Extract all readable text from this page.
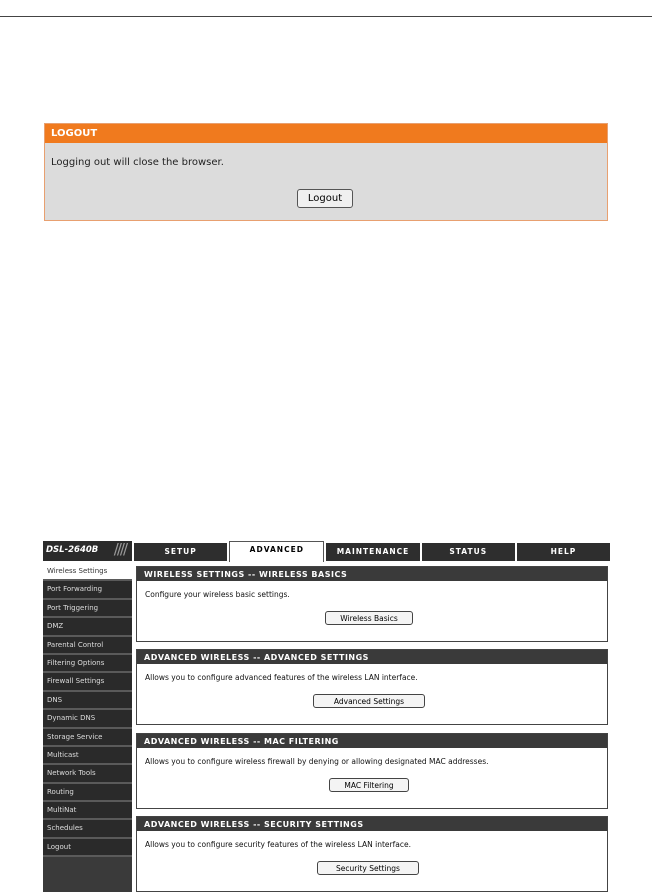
LOGOUT
Logging out will close the browser.
Logout
DSL-2640B ////	SETUP	ADVANCED	MAINTENANCE	STATUS	HELP
Wireless Settings
Port Forwarding
Port Triggering
DMZ
Parental Control
Filtering Options
Firewall Settings
DNS
Dynamic DNS
Storage Service
Multicast
Network Tools
Routing
MultiNat
Schedules
Logout
WIRELESS SETTINGS -- WIRELESS BASICS
Configure your wireless basic settings.
Wireless Basics
ADVANCED WIRELESS -- ADVANCED SETTINGS
Allows you to configure advanced features of the wireless LAN interface.
Advanced Settings
ADVANCED WIRELESS -- MAC FILTERING
Allows you to configure wireless firewall by denying or allowing designated MAC addresses.
MAC Filtering
ADVANCED WIRELESS -- SECURITY SETTINGS
Allows you to configure security features of the wireless LAN interface.
Security Settings
